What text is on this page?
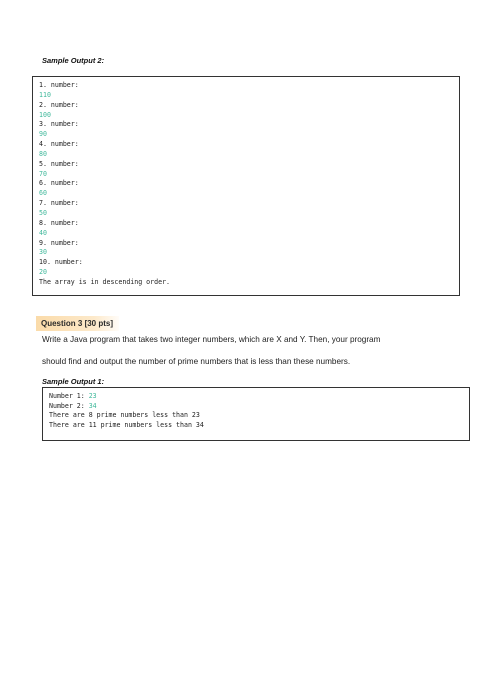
Sample Output 2:
1. number:
110
2. number:
100
3. number:
90
4. number:
80
5. number:
70
6. number:
60
7. number:
50
8. number:
40
9. number:
30
10. number:
20
The array is in descending order.
Question 3 [30 pts]
Write a Java program that takes two integer numbers, which are X and Y. Then, your program
should find and output the number of prime numbers that is less than these numbers.
Sample Output 1:
Number 1: 23
Number 2: 34
There are 8 prime numbers less than 23
There are 11 prime numbers less than 34
